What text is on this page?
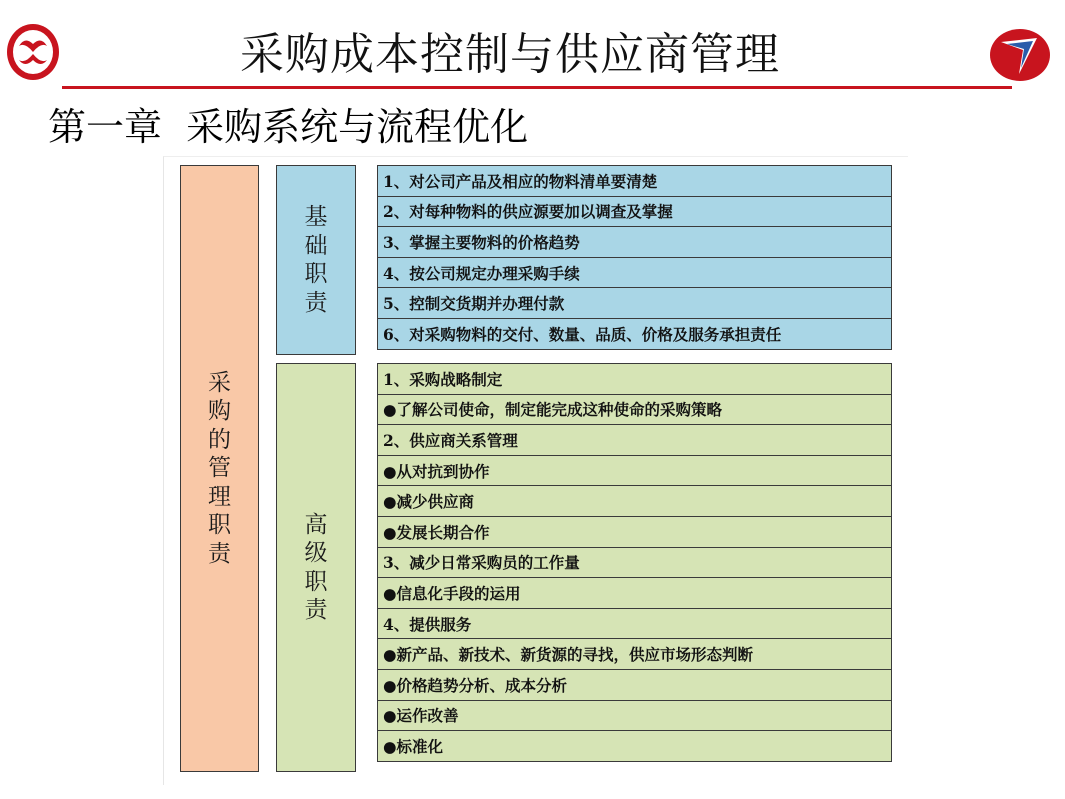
采购成本控制与供应商管理
第一章  采购系统与流程优化
采购的管理职责
基础职责
1、对公司产品及相应的物料清单要清楚
2、对每种物料的供应源要加以调查及掌握
3、掌握主要物料的价格趋势
4、按公司规定办理采购手续
5、控制交货期并办理付款
6、对采购物料的交付、数量、品质、价格及服务承担责任
高级职责
1、采购战略制定
●了解公司使命，制定能完成这种使命的采购策略
2、供应商关系管理
●从对抗到协作
●减少供应商
●发展长期合作
3、减少日常采购员的工作量
●信息化手段的运用
4、提供服务
●新产品、新技术、新货源的寻找，供应市场形态判断
●价格趋势分析、成本分析
●运作改善
●标准化
